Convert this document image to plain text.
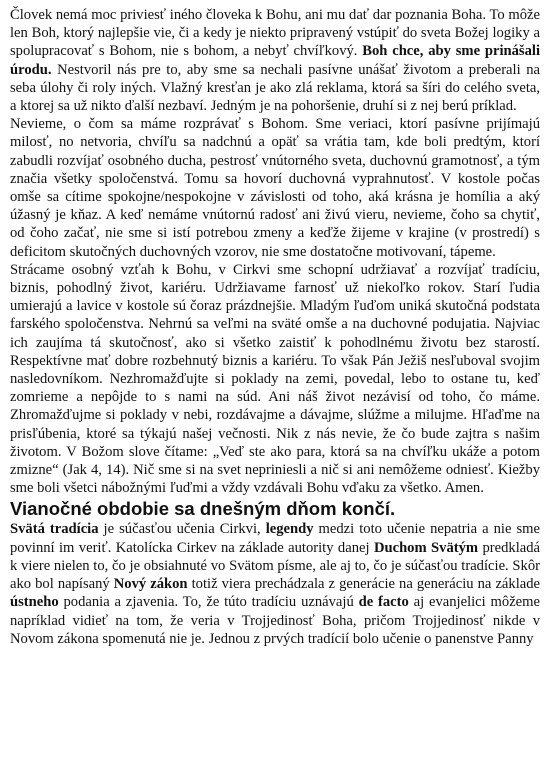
Človek nemá moc priviesť iného človeka k Bohu, ani mu dať dar poznania Boha. To môže len Boh, ktorý najlepšie vie, či a kedy je niekto pripravený vstúpiť do sveta Božej logiky a spolupracovať s Bohom, nie s bohom, a nebyť chvíľkový. Boh chce, aby sme prinášali úrodu. Nestvoril nás pre to, aby sme sa nechali pasívne unášať životom a preberali na seba úlohy či roly iných. Vlažný kresťan je ako zlá reklama, ktorá sa šíri do celého sveta, a ktorej sa už nikto ďalší nezbaví. Jedným je na pohoršenie, druhí si z nej berú príklad.

Nevieme, o čom sa máme rozprávať s Bohom. Sme veriaci, ktorí pasívne prijímajú milosť, no netvoria, chvíľu sa nadchnú a opäť sa vrátia tam, kde boli predtým, ktorí zabudli rozvíjať osobného ducha, pestrosť vnútorného sveta, duchovnú gramotnosť, a tým značia všetky spoločenstvá. Tomu sa hovorí duchovná vyprahnutosť. V kostole počas omše sa cítime spokojne/nespokojne v závislosti od toho, aká krásna je homília a aký úžasný je kňaz. A keď nemáme vnútornú radosť ani živú vieru, nevieme, čoho sa chytiť, od čoho začať, nie sme si istí potrebou zmeny a keďže žijeme v krajine (v prostredí) s deficitom skutočných duchovných vzorov, nie sme dostatočne motivovaní, tápeme.

Strácame osobný vzťah k Bohu, v Cirkvi sme schopní udržiavať a rozvíjať tradíciu, biznis, pohodlný život, kariéru. Udržiavame farnosť už niekoľko rokov. Starí ľudia umierajú a lavice v kostole sú čoraz prázdnejšie. Mladým ľuďom uniká skutočná podstata farského spoločenstva. Nehrnú sa veľmi na sväté omše a na duchovné podujatia. Najviac ich zaujíma tá skutočnosť, ako si všetko zaistiť k pohodlnému životu bez starostí. Respektívne mať dobre rozbehnutý biznis a kariéru. To však Pán Ježiš nesľuboval svojim nasledovníkom. Nezhromažďujte si poklady na zemi, povedal, lebo to ostane tu, keď zomrieme a nepôjde to s nami na súd. Ani náš život nezávisí od toho, čo máme. Zhromažďujme si poklady v nebi, rozdávajme a dávajme, slúžme a milujme. Hľaďme na prisľúbenia, ktoré sa týkajú našej večnosti. Nik z nás nevie, že čo bude zajtra s našim životom. V Božom slove čítame: „Veď ste ako para, ktorá sa na chvíľku ukáže a potom zmizne“ (Jak 4, 14). Nič sme si na svet nepriniesli a nič si ani nemôžeme odniesť. Kiežby sme boli všetci nábožnými ľuďmi a vždy vzdávali Bohu vďaku za všetko. Amen.

Vianočné obdobie sa dnešným dňom končí.

Svätá tradícia je súčasťou učenia Cirkvi, legendy medzi toto učenie nepatria a nie sme povinní im veriť. Katolícka Cirkev na základe autority danej Duchom Svätým predkladá k viere nielen to, čo je obsiahnuté vo Svätom písme, ale aj to, čo je súčasťou tradície. Skôr ako bol napísaný Nový zákon totiž viera prechádzala z generácie na generáciu na základe ústneho podania a zjavenia. To, že túto tradíciu uznávajú de facto aj evanjelici môžeme napríklad vidieť na tom, že veria v Trojjedinosť Boha, pričom Trojjedinosť nikde v Novom zákona spomenutá nie je. Jednou z prvých tradícií bolo učenie o panenstve Panny
